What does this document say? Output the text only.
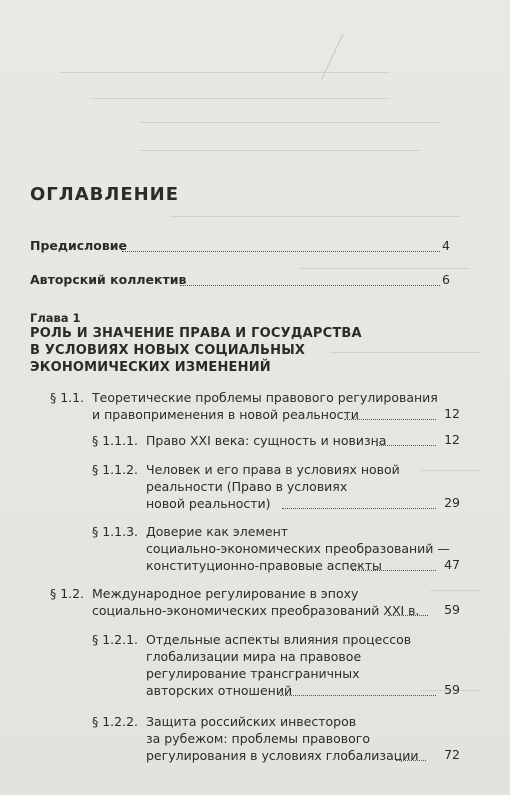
ОГЛАВЛЕНИЕ
Предисловие	4
Авторский коллектив	6
Глава 1
РОЛЬ И ЗНАЧЕНИЕ ПРАВА И ГОСУДАРСТВА
В УСЛОВИЯХ НОВЫХ СОЦИАЛЬНЫХ
ЭКОНОМИЧЕСКИХ ИЗМЕНЕНИЙ
§ 1.1. Теоретические проблемы правового регулирования
и правоприменения в новой реальности	12
§ 1.1.1. Право XXI века: сущность и новизна	12
§ 1.1.2. Человек и его права в условиях новой
реальности (Право в условиях
новой реальности)	29
§ 1.1.3. Доверие как элемент
социально-экономических преобразований —
конституционно-правовые аспекты	47
§ 1.2. Международное регулирование в эпоху
социально-экономических преобразований XXI в.	59
§ 1.2.1. Отдельные аспекты влияния процессов
глобализации мира на правовое
регулирование трансграничных
авторских отношений	59
§ 1.2.2. Защита российских инвесторов
за рубежом: проблемы правового
регулирования в условиях глобализации	72
